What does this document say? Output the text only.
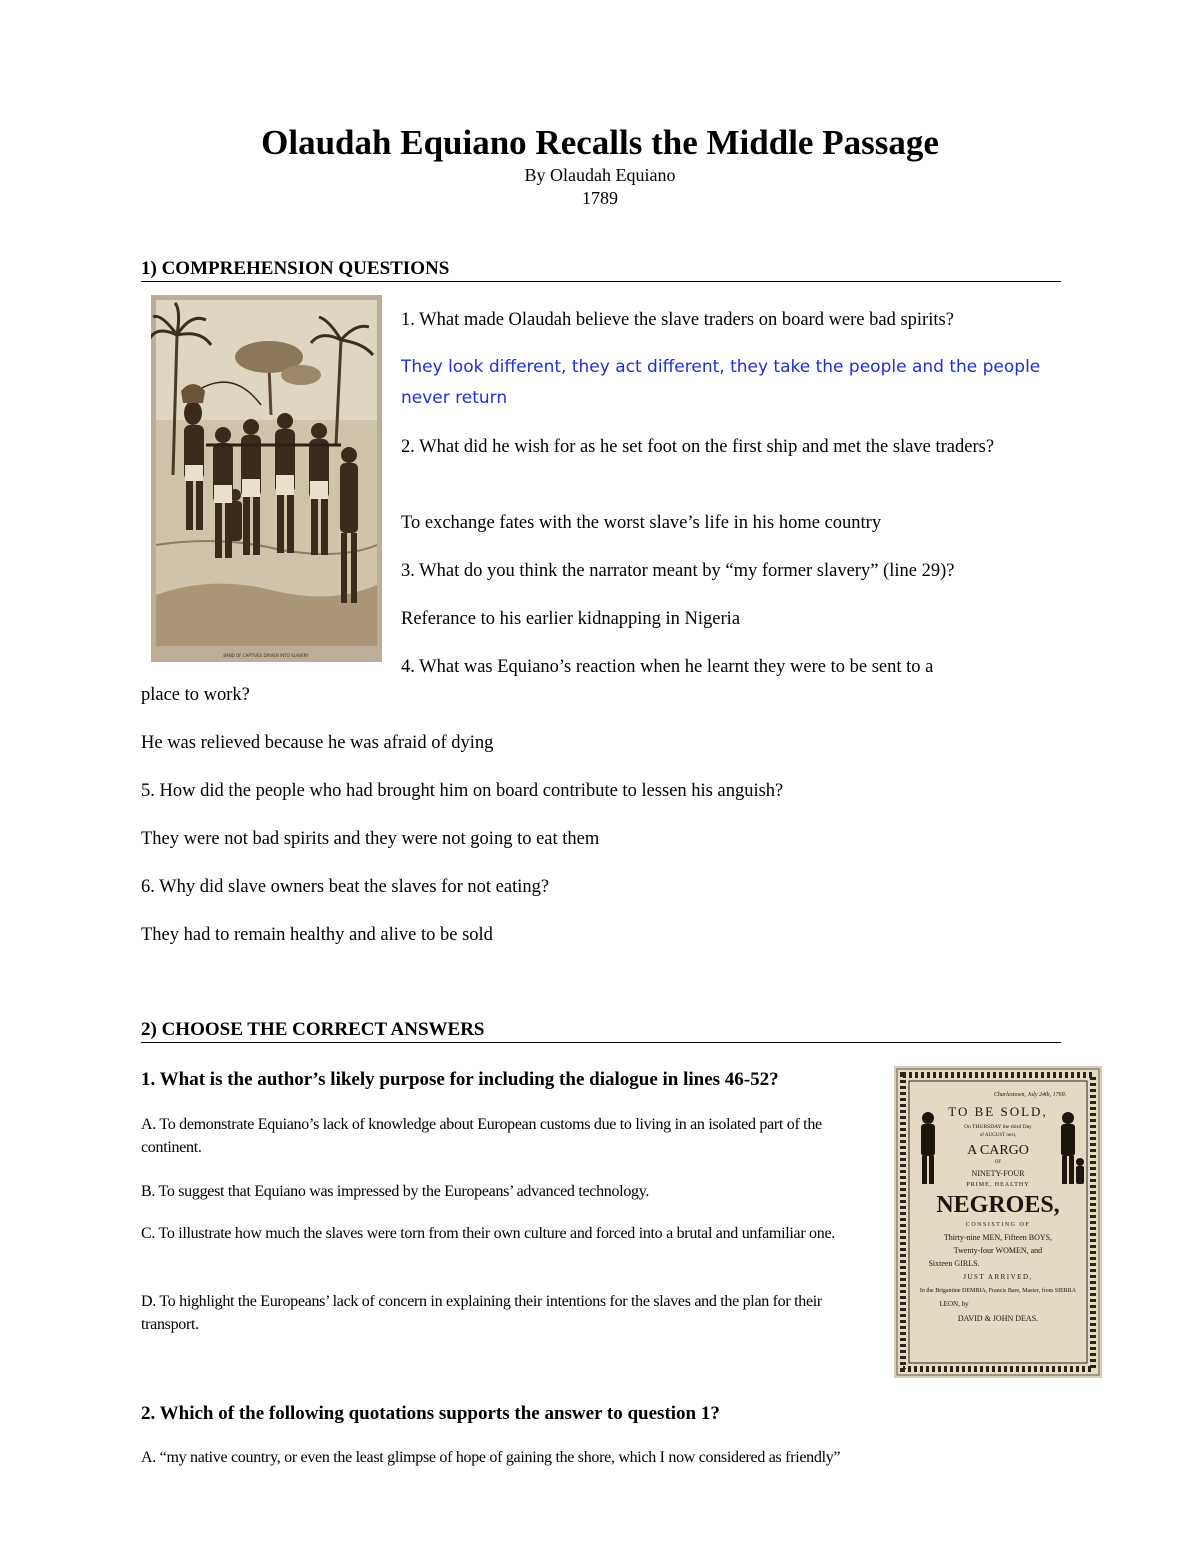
Olaudah Equiano Recalls the Middle Passage
By Olaudah Equiano
1789
1) COMPREHENSION QUESTIONS
BAND OF CAPTIVES DRIVEN INTO SLAVERY
1. What made Olaudah believe the slave traders on board were bad spirits?
They look different, they act different, they take the people and the people never return
2. What did he wish for as he set foot on the first ship and met the slave traders?
To exchange fates with the worst slave’s life in his home country
3. What do you think the narrator meant by “my former slavery” (line 29)?
Referance to his earlier kidnapping in Nigeria
4. What was Equiano’s reaction when he learnt they were to be sent to a
place to work?
He was relieved because he was afraid of dying
5. How did the people who had brought him on board contribute to lessen his anguish?
They were not bad spirits and they were not going to eat them
6. Why did slave owners beat the slaves for not eating?
They had to remain healthy and alive to be sold
2) CHOOSE THE CORRECT ANSWERS
1. What is the author’s likely purpose for including the dialogue in lines 46-52?
A. To demonstrate Equiano’s lack of knowledge about European customs due to living in an isolated part of the continent.
B. To suggest that Equiano was impressed by the Europeans’ advanced technology.
C. To illustrate how much the slaves were torn from their own culture and forced into a brutal and unfamiliar one.
D. To highlight the Europeans’ lack of concern in explaining their intentions for the slaves and the plan for their transport.
2. Which of the following quotations supports the answer to question 1?
A. “my native country, or even the least glimpse of hope of gaining the shore, which I now considered as friendly”
Charlestown, July 24th, 1769.
TO BE SOLD,
On THURSDAY the third Day
of AUGUST next,
A CARGO
OF
NINETY-FOUR
PRIME, HEALTHY
NEGROES,
CONSISTING OF
Thirty-nine MEN, Fifteen BOYS,
Twenty-four WOMEN, and
Sixteen GIRLS.
JUST ARRIVED,
In the Brigantine DEMBIA, Francis Bare, Master, from SIERRA
LEON, by
DAVID & JOHN DEAS.
